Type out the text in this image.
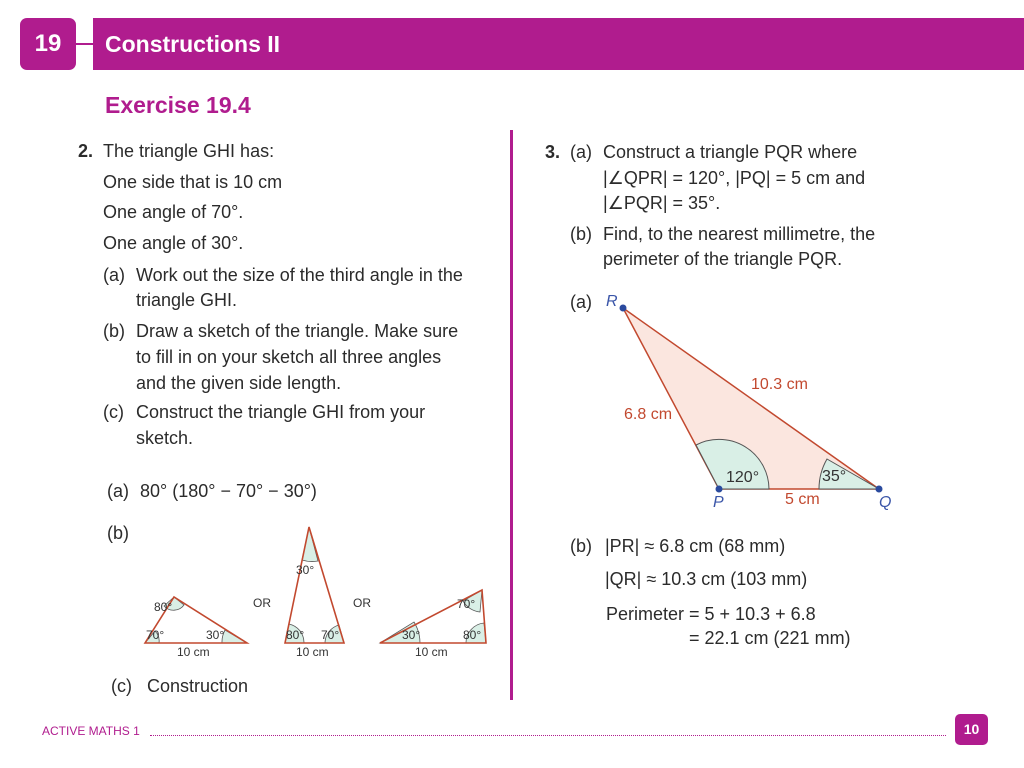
19	Constructions II
Exercise 19.4
2. The triangle GHI has:
One side that is 10 cm
One angle of 70°.
One angle of 30°.
(a) Work out the size of the third angle in the
triangle GHI.
(b) Draw a sketch of the triangle. Make sure
to fill in on your sketch all three angles
and the given side length.
(c) Construct the triangle GHI from your
sketch.
(a) 80° (180° − 70° − 30°)
(b)
(c) Construction
80°
70°	30°
10 cm
OR
30°
80° 70°
10 cm
OR	70°
30°	80°
10 cm
3. (a) Construct a triangle PQR where
|∠QPR| = 120°, |PQ| = 5 cm and
|∠PQR| = 35°.
(b) Find, to the nearest millimetre, the
perimeter of the triangle PQR.
(a) R
P	Q
6.8 cm
10.3 cm
5 cm
120°	35°
(b) |PR| ≈ 6.8 cm (68 mm)
|QR| ≈ 10.3 cm (103 mm)
Perimeter = 5 + 10.3 + 6.8
= 22.1 cm (221 mm)
ACTIVE MATHS 1	10
